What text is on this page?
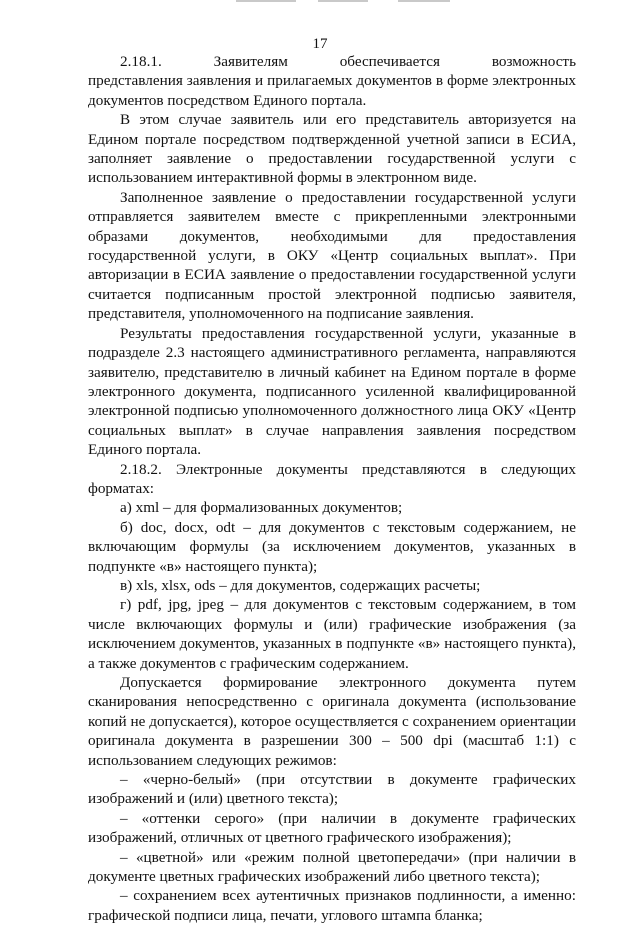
17
2.18.1.	Заявителям	обеспечивается	возможность

представления заявления и прилагаемых документов в форме электронных документов посредством Единого портала.

В этом случае заявитель или его представитель авторизуется на Едином портале посредством подтвержденной учетной записи в ЕСИА, заполняет заявление о предоставлении государственной услуги с использованием интерактивной формы в электронном виде.

Заполненное заявление о предоставлении государственной услуги отправляется заявителем вместе с прикрепленными электронными образами документов, необходимыми для предоставления государственной услуги, в ОКУ «Центр социальных выплат». При авторизации в ЕСИА заявление о предоставлении государственной услуги считается подписанным простой электронной подписью заявителя, представителя, уполномоченного на подписание заявления.

Результаты предоставления государственной услуги, указанные в подразделе 2.3 настоящего административного регламента, направляются заявителю, представителю в личный кабинет на Едином портале в форме электронного документа, подписанного усиленной квалифицированной электронной подписью уполномоченного должностного лица ОКУ «Центр социальных выплат» в случае направления заявления посредством Единого портала.

2.18.2. Электронные документы представляются в следующих форматах:

а) xml – для формализованных документов;

б) doc, docx, odt – для документов с текстовым содержанием, не включающим формулы (за исключением документов, указанных в подпункте «в» настоящего пункта);

в) xls, xlsx, ods – для документов, содержащих расчеты;

г) pdf, jpg, jpeg – для документов с текстовым содержанием, в том числе включающих формулы и (или) графические изображения (за исключением документов, указанных в подпункте «в» настоящего пункта), а также документов с графическим содержанием.

Допускается формирование электронного документа путем

сканирования непосредственно с оригинала документа (использование копий не допускается), которое осуществляется с сохранением ориентации оригинала документа в разрешении 300 – 500 dpi (масштаб 1:1) с использованием следующих режимов:

– «черно-белый» (при отсутствии в документе графических изображений и (или) цветного текста);

– «оттенки серого» (при наличии в документе графических изображений, отличных от цветного графического изображения);

– «цветной» или «режим полной цветопередачи» (при наличии в документе цветных графических изображений либо цветного текста);

– сохранением всех аутентичных признаков подлинности, а именно: графической подписи лица, печати, углового штампа бланка;
